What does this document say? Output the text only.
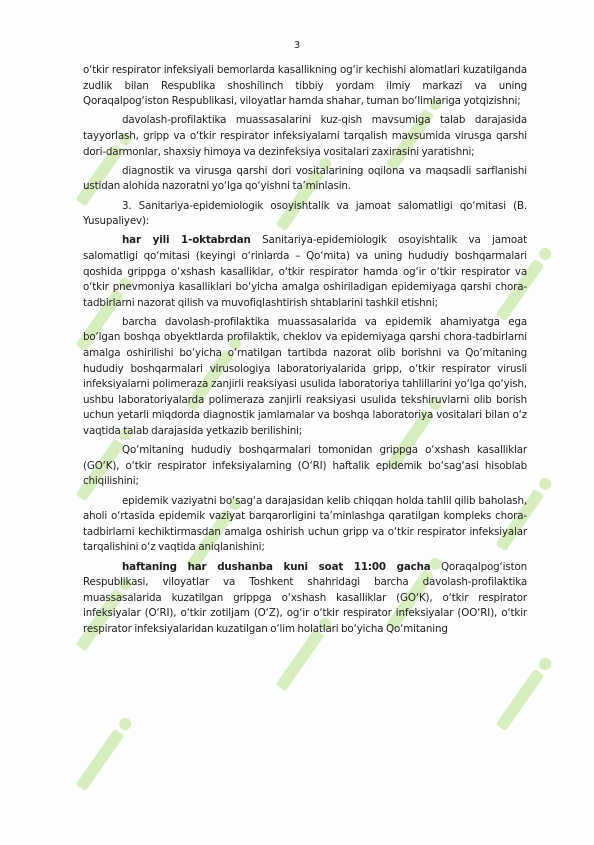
3

o‘tkir respirator infeksiyali bemorlarda kasallikning og‘ir kechishi alomatlari kuzatilganda zudlik bilan Respublika shoshilinch tibbiy yordam ilmiy markazi va uning Qoraqalpog‘iston Respublikasi, viloyatlar hamda shahar, tuman bo‘limlariga yotqizishni;

davolash-profilaktika muassasalarini kuz-qish mavsumiga talab darajasida tayyorlash, gripp va o‘tkir respirator infeksiyalarni tarqalish mavsumida virusga qarshi dori-darmonlar, shaxsiy himoya va dezinfeksiya vositalari zaxirasini yaratishni;

diagnostik va virusga qarshi dori vositalarining oqilona va maqsadli sarflanishi ustidan alohida nazoratni yo‘lga qo‘yishni ta’minlasin.

3. Sanitariya-epidemiologik osoyishtalik va jamoat salomatligi qo‘mitasi (B. Yusupaliyev):

har yili 1-oktabrdan Sanitariya-epidemiologik osoyishtalik va jamoat salomatligi qo‘mitasi (keyingi o‘rinlarda – Qo‘mita) va uning hududiy boshqarmalari qoshida grippga o‘xshash kasalliklar, o‘tkir respirator hamda og‘ir o‘tkir respirator va o‘tkir pnevmoniya kasalliklari bo‘yicha amalga oshiriladigan epidemiyaga qarshi chora-tadbirlarni nazorat qilish va muvofiqlashtirish shtablarini tashkil etishni;

barcha davolash-profilaktika muassasalarida va epidemik ahamiyatga ega bo‘lgan boshqa obyektlarda profilaktik, cheklov va epidemiyaga qarshi chora-tadbirlarni amalga oshirilishi bo‘yicha o‘rnatilgan tartibda nazorat olib borishni va Qo‘mitaning hududiy boshqarmalari virusologiya laboratoriyalarida gripp, o‘tkir respirator virusli infeksiyalarni polimeraza zanjirli reaksiyasi usulida laboratoriya tahlillarini yo‘lga qo‘yish, ushbu laboratoriyalarda polimeraza zanjirli reaksiyasi usulida tekshiruvlarni olib borish uchun yetarli miqdorda diagnostik jamlamalar va boshqa laboratoriya vositalari bilan o‘z vaqtida talab darajasida yetkazib berilishini;

Qo‘mitaning hududiy boshqarmalari tomonidan grippga o‘xshash kasalliklar (GO‘K), o‘tkir respirator infeksiyalarning (O‘RI) haftalik epidemik bo‘sag‘asi hisoblab chiqilishini;

epidemik vaziyatni bo‘sag‘a darajasidan kelib chiqqan holda tahlil qilib baholash, aholi o‘rtasida epidemik vaziyat barqarorligini ta’minlashga qaratilgan kompleks chora-tadbirlarni kechiktirmasdan amalga oshirish uchun gripp va o‘tkir respirator infeksiyalar tarqalishini o‘z vaqtida aniqlanishini;

haftaning har dushanba kuni soat 11:00 gacha Qoraqalpog‘iston Respublikasi, viloyatlar va Toshkent shahridagi barcha davolash-profilaktika muassasalarida kuzatilgan grippga o‘xshash kasalliklar (GO‘K), o‘tkir respirator infeksiyalar (O‘RI), o‘tkir zotiljam (O‘Z), og‘ir o‘tkir respirator infeksiyalar (OO‘RI), o‘tkir respirator infeksiyalaridan kuzatilgan o‘lim holatlari bo‘yicha Qo‘mitaning
